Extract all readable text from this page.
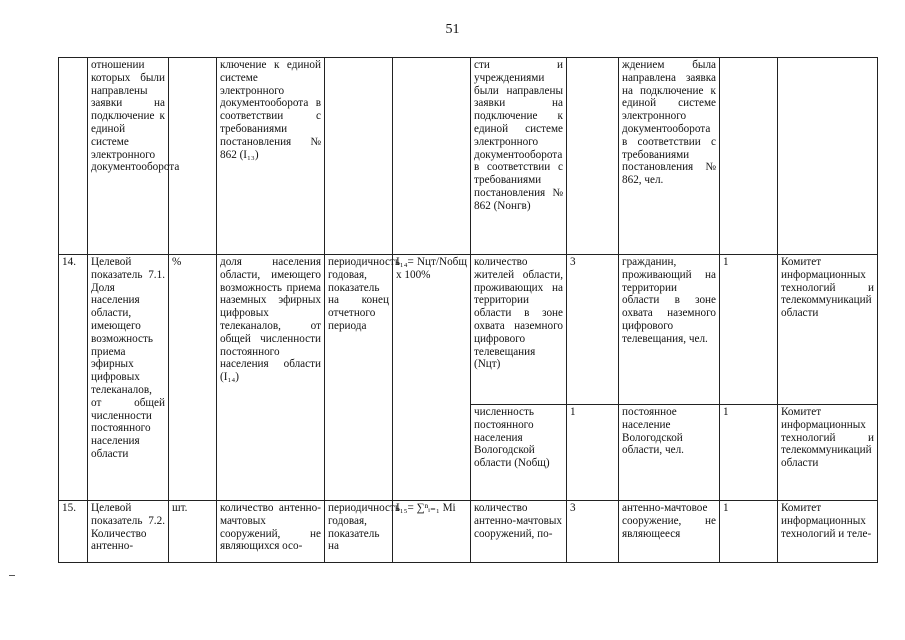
51
	отношении которых были направлены заявки на подключение к единой системе электронного документооборота		ключение к единой системе электронного документооборота в соответствии с требованиями постановления № 862 (I₁₃)			сти и учреждениями были направлены заявки на подключение к единой системе электронного документооборота в соответствии с требованиями постановления № 862 (Nонгв)		ждением была направлена заявка на подключение к единой системе электронного документооборота в соответствии с требованиями постановления № 862, чел.		
14.	Целевой показатель 7.1. Доля населения области, имеющего возможность приема эфирных цифровых телеканалов, от общей численности постоянного населения области	%	доля населения области, имеющего возможность приема наземных эфирных цифровых телеканалов, от общей численности постоянного населения области (I₁₄)	периодичность годовая, показатель на конец отчетного периода	I₁₄= Nцт/Nобщ x 100%	количество жителей области, проживающих на территории области в зоне охвата наземного цифрового телевещания (Nцт)	3	гражданин, проживающий на территории области в зоне охвата наземного цифрового телевещания, чел.	1	Комитет информационных технологий и телекоммуникаций области
						численность постоянного населения Вологодской области (Nобщ)	1	постоянное население Вологодской области, чел.	1	Комитет информационных технологий и телекоммуникаций области
15.	Целевой показатель 7.2. Количество антенно-	шт.	количество антенно-мачтовых сооружений, не являющихся осо-	периодичность годовая, показатель на	I₁₅= ∑ⁿᵢ₌₁ Mi	количество антенно-мачтовых сооружений, по-	3	антенно-мачтовое сооружение, не являющееся	1	Комитет информационных технологий и теле-
